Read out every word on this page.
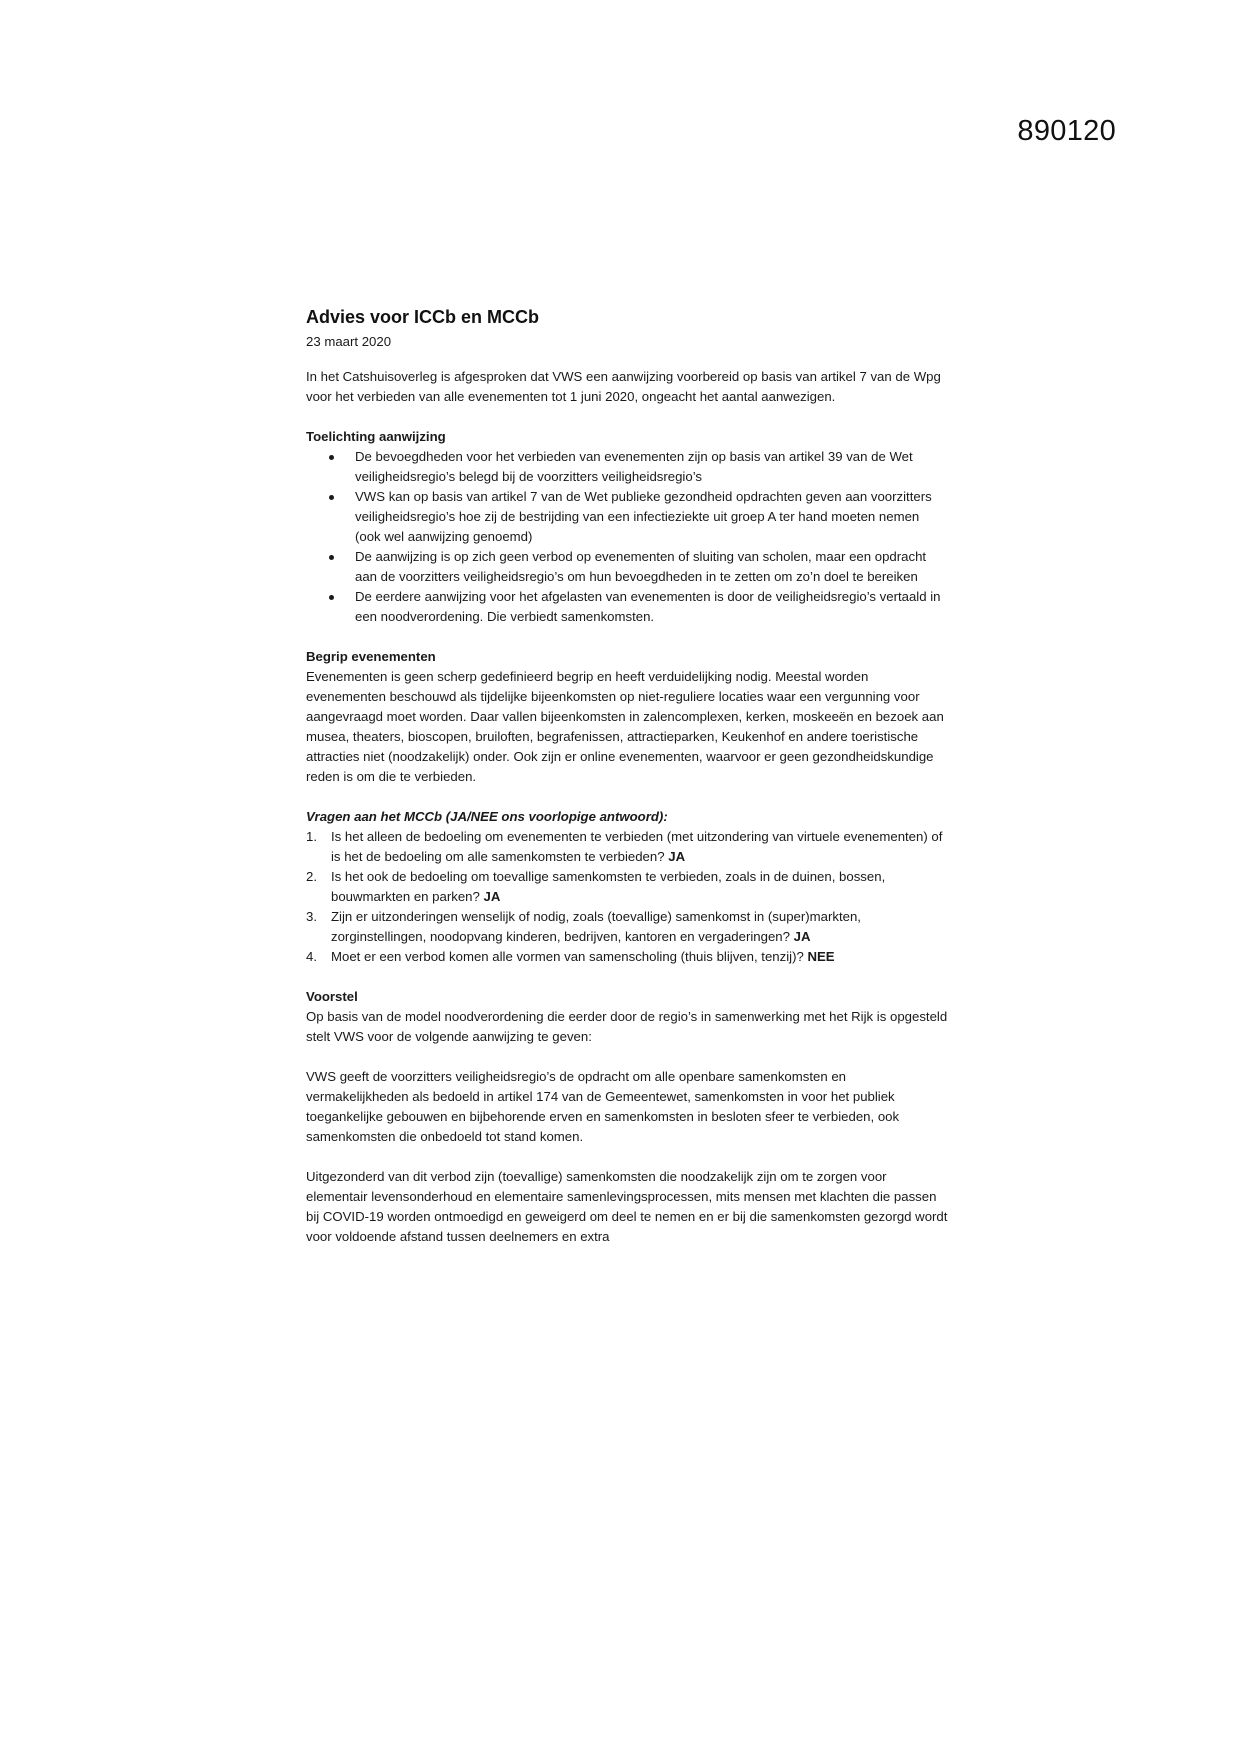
890120
Advies voor ICCb en MCCb
23 maart 2020

In het Catshuisoverleg is afgesproken dat VWS een aanwijzing voorbereid op basis van artikel 7 van de Wpg voor het verbieden van alle evenementen tot 1 juni 2020, ongeacht het aantal aanwezigen.

Toelichting aanwijzing
De bevoegdheden voor het verbieden van evenementen zijn op basis van artikel 39 van de Wet veiligheidsregio’s belegd bij de voorzitters veiligheidsregio’s
VWS kan op basis van artikel 7 van de Wet publieke gezondheid opdrachten geven aan voorzitters veiligheidsregio’s hoe zij de bestrijding van een infectieziekte uit groep A ter hand moeten nemen (ook wel aanwijzing genoemd)
De aanwijzing is op zich geen verbod op evenementen of sluiting van scholen, maar een opdracht aan de voorzitters veiligheidsregio’s om hun bevoegdheden in te zetten om zo’n doel te bereiken
De eerdere aanwijzing voor het afgelasten van evenementen is door de veiligheidsregio’s vertaald in een noodverordening. Die verbiedt samenkomsten.
Begrip evenementen

Evenementen is geen scherp gedefinieerd begrip en heeft verduidelijking nodig. Meestal worden evenementen beschouwd als tijdelijke bijeenkomsten op niet-reguliere locaties waar een vergunning voor aangevraagd moet worden. Daar vallen bijeenkomsten in zalencomplexen, kerken, moskeeën en bezoek aan musea, theaters, bioscopen, bruiloften, begrafenissen, attractieparken, Keukenhof en andere toeristische attracties niet (noodzakelijk) onder. Ook zijn er online evenementen, waarvoor er geen gezondheidskundige reden is om die te verbieden.

Vragen aan het MCCb (JA/NEE ons voorlopige antwoord):
1. Is het alleen de bedoeling om evenementen te verbieden (met uitzondering van virtuele evenementen) of is het de bedoeling om alle samenkomsten te verbieden? JA
2. Is het ook de bedoeling om toevallige samenkomsten te verbieden, zoals in de duinen, bossen, bouwmarkten en parken? JA
3. Zijn er uitzonderingen wenselijk of nodig, zoals (toevallige) samenkomst in (super)markten, zorginstellingen, noodopvang kinderen, bedrijven, kantoren en vergaderingen? JA
4. Moet er een verbod komen alle vormen van samenscholing (thuis blijven, tenzij)? NEE
Voorstel

Op basis van de model noodverordening die eerder door de regio’s in samenwerking met het Rijk is opgesteld stelt VWS voor de volgende aanwijzing te geven:

VWS geeft de voorzitters veiligheidsregio’s de opdracht om alle openbare samenkomsten en vermakelijkheden als bedoeld in artikel 174 van de Gemeentewet, samenkomsten in voor het publiek toegankelijke gebouwen en bijbehorende erven en samenkomsten in besloten sfeer te verbieden, ook samenkomsten die onbedoeld tot stand komen.

Uitgezonderd van dit verbod zijn (toevallige) samenkomsten die noodzakelijk zijn om te zorgen voor elementair levensonderhoud en elementaire samenlevingsprocessen, mits mensen met klachten die passen bij COVID-19 worden ontmoedigd en geweigerd om deel te nemen en er bij die samenkomsten gezorgd wordt voor voldoende afstand tussen deelnemers en extra
